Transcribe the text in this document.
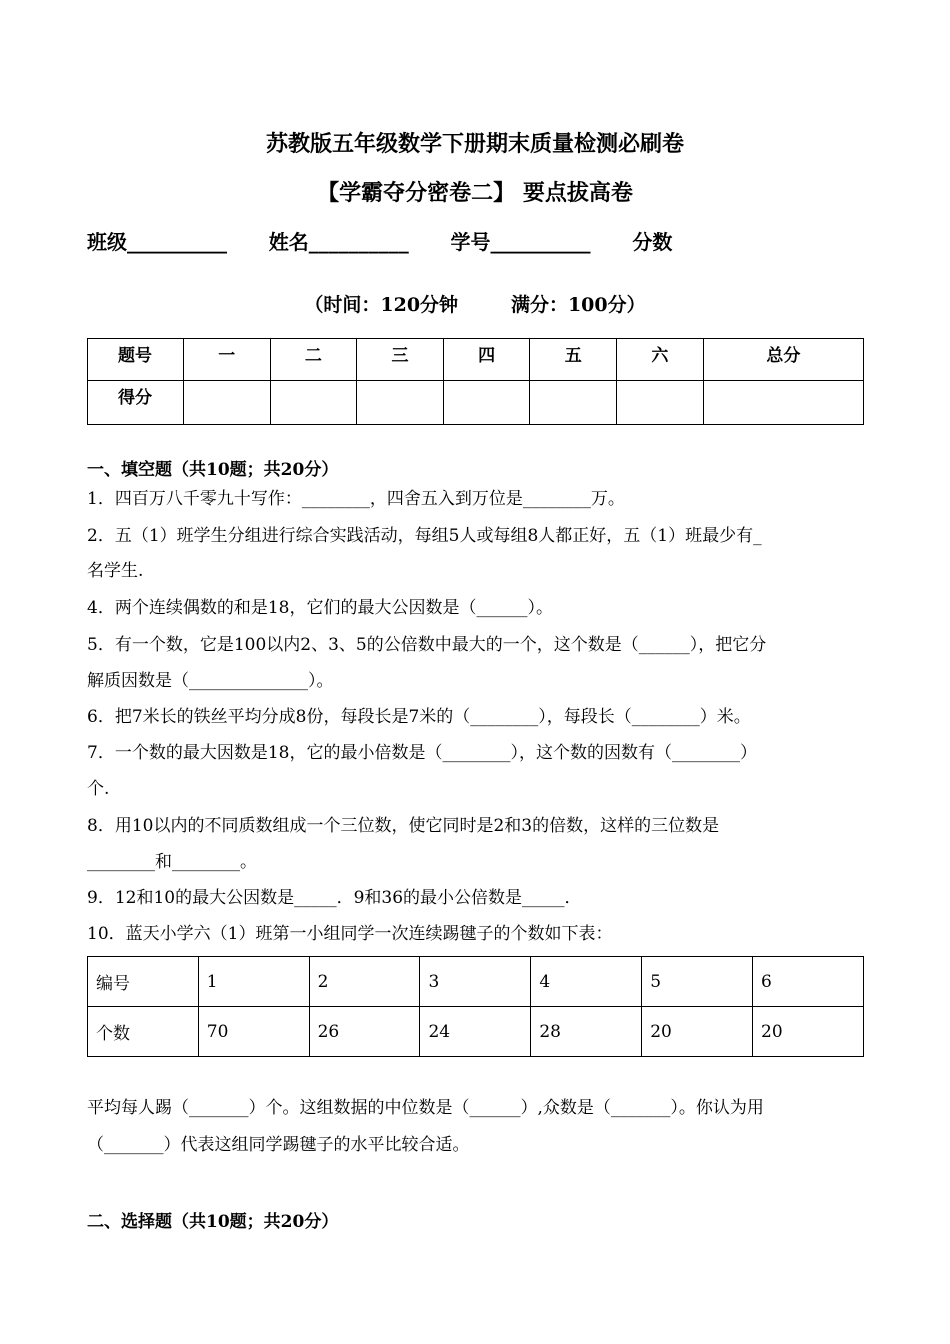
苏教版五年级数学下册期末质量检测必刷卷
【学霸夺分密卷二】 要点拔高卷
班级__________      姓名__________      学号__________      分数
（时间：120分钟        满分：100分）
题号	一	二	三	四	五	六	总分
得分							
一、填空题（共10题；共20分）
1．四百万八千零九十写作：________，四舍五入到万位是________万。
2．五（1）班学生分组进行综合实践活动，每组5人或每组8人都正好，五（1）班最少有_
名学生.
4．两个连续偶数的和是18，它们的最大公因数是（______）。
5．有一个数，它是100以内2、3、5的公倍数中最大的一个，这个数是（______），把它分
解质因数是（______________）。
6．把7米长的铁丝平均分成8份，每段长是7米的（________），每段长（________）米。
7．一个数的最大因数是18，它的最小倍数是（________），这个数的因数有（________）
个.
8．用10以内的不同质数组成一个三位数，使它同时是2和3的倍数，这样的三位数是
________和________。
9．12和10的最大公因数是_____．9和36的最小公倍数是_____．
10．蓝天小学六（1）班第一小组同学一次连续踢毽子的个数如下表：
编号	1	2	3	4	5	6
个数	70	26	24	28	20	20
平均每人踢（_______）个。这组数据的中位数是（______）,众数是（_______）。你认为用
（_______）代表这组同学踢毽子的水平比较合适。
二、选择题（共10题；共20分）
